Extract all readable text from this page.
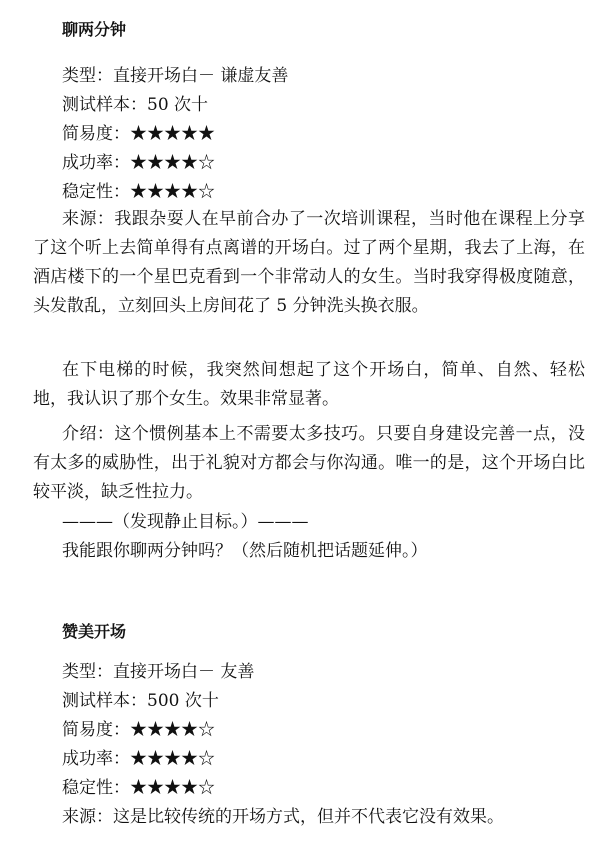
聊两分钟

类型：直接开场白－ 谦虚友善

测试样本：50 次十

简易度：★★★★★

成功率：★★★★☆

稳定性：★★★★☆

来源：我跟杂耍人在早前合办了一次培训课程，当时他在课程上分享了这个听上去简单得有点离谱的开场白。过了两个星期，我去了上海，在酒店楼下的一个星巴克看到一个非常动人的女生。当时我穿得极度随意，头发散乱，立刻回头上房间花了 5 分钟洗头换衣服。

在下电梯的时候，我突然间想起了这个开场白，简单、自然、轻松地，我认识了那个女生。效果非常显著。

介绍：这个惯例基本上不需要太多技巧。只要自身建设完善一点，没有太多的威胁性，出于礼貌对方都会与你沟通。唯一的是，这个开场白比较平淡，缺乏性拉力。

———（发现静止目标。）———

我能跟你聊两分钟吗？（然后随机把话题延伸。）

赞美开场

类型：直接开场白－ 友善

测试样本：500 次十

简易度：★★★★☆

成功率：★★★★☆

稳定性：★★★★☆

来源：这是比较传统的开场方式，但并不代表它没有效果。
